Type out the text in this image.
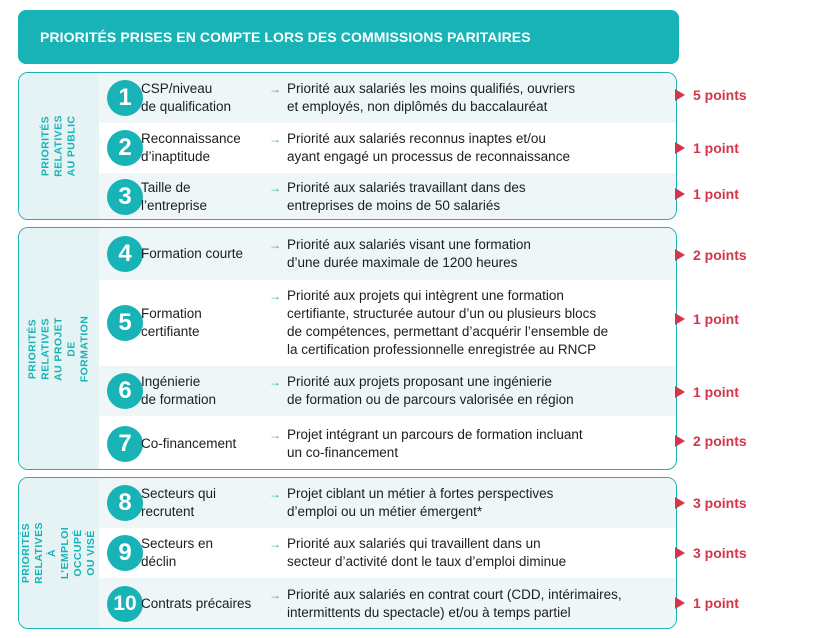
PRIORITÉS PRISES EN COMPTE LORS DES COMMISSIONS PARITAIRES
PRIORITÉS
RELATIVES
AU PUBLIC
1 CSP/niveau
de qualification
→ Priorité aux salariés les moins qualifiés, ouvriers
et employés, non diplômés du baccalauréat
2 Reconnaissance
d’inaptitude
→ Priorité aux salariés reconnus inaptes et/ou
ayant engagé un processus de reconnaissance
3 Taille de
l’entreprise
→ Priorité aux salariés travaillant dans des
entreprises de moins de 50 salariés
PRIORITÉS RELATIVES
AU PROJET DE FORMATION
4 Formation courte
→ Priorité aux salariés visant une formation
d’une durée maximale de 1200 heures
5 Formation
certifiante
→ Priorité aux projets qui intègrent une formation
certifiante, structurée autour d’un ou plusieurs blocs
de compétences, permettant d’acquérir l’ensemble de
la certification professionnelle enregistrée au RNCP
6 Ingénierie
de formation
→ Priorité aux projets proposant une ingénierie
de formation ou de parcours valorisée en région
7 Co-financement
→ Projet intégrant un parcours de formation incluant
un co-financement
PRIORITÉS RELATIVES
À L’EMPLOI
OCCUPÉ OU VISÉ
8 Secteurs qui
recrutent
→ Projet ciblant un métier à fortes perspectives
d’emploi ou un métier émergent*
9 Secteurs en
déclin
→ Priorité aux salariés qui travaillent dans un
secteur d’activité dont le taux d’emploi diminue
10 Contrats précaires
→ Priorité aux salariés en contrat court (CDD, intérimaires,
intermittents du spectacle) et/ou à temps partiel
5 points
1 point
1 point
2 points
1 point
1 point
2 points
3 points
3 points
1 point
